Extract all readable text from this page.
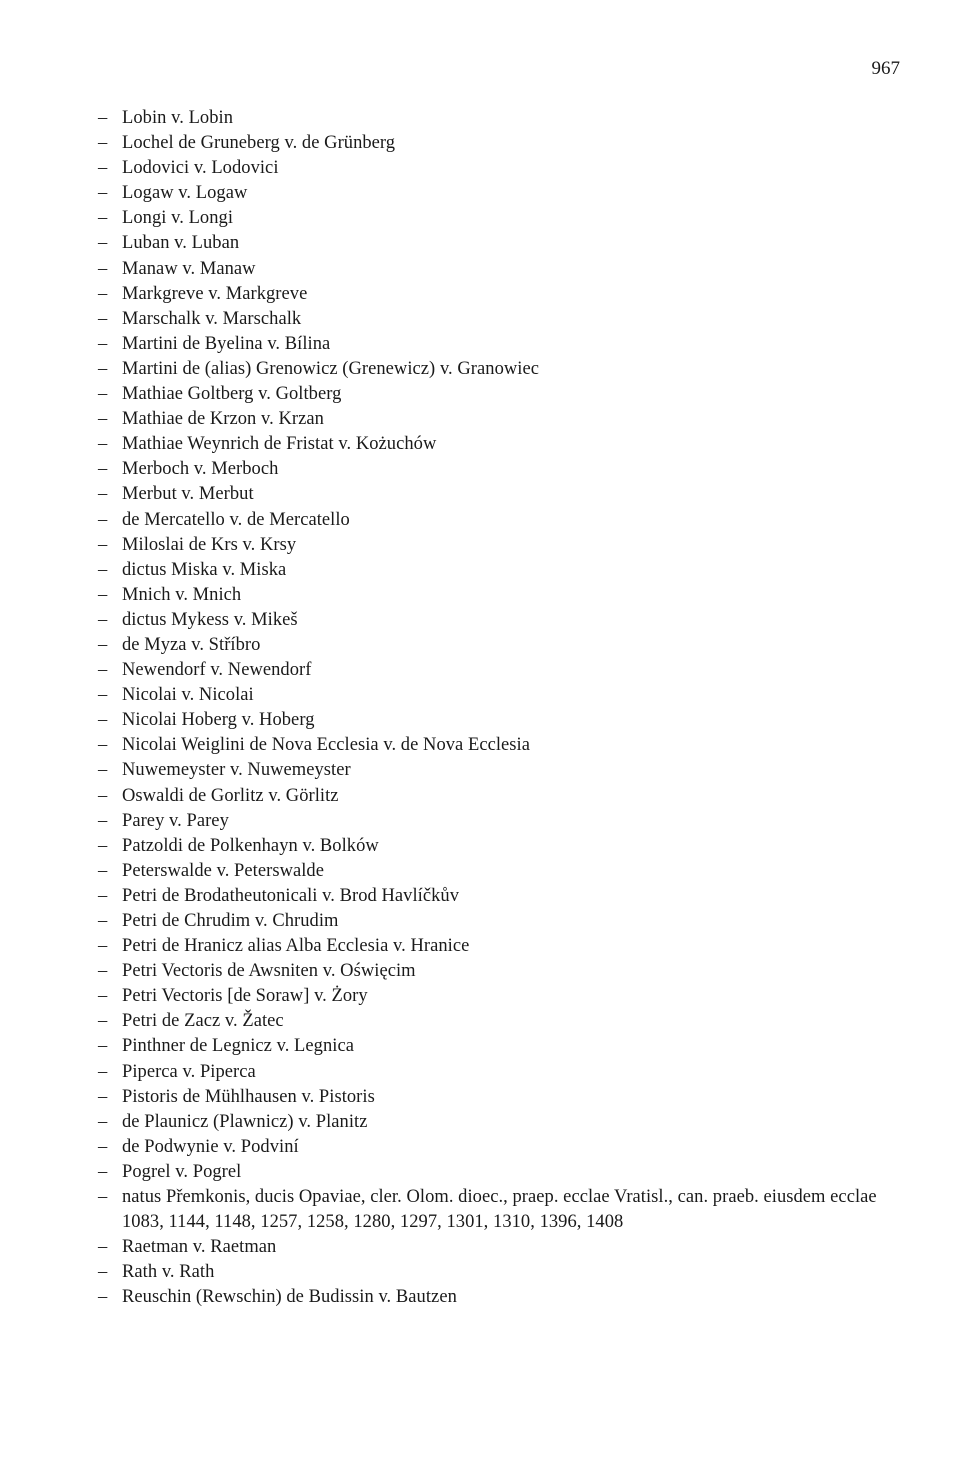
967
– Lobin v. Lobin
– Lochel de Gruneberg v. de Grünberg
– Lodovici v. Lodovici
– Logaw v. Logaw
– Longi v. Longi
– Luban v. Luban
– Manaw v. Manaw
– Markgreve v. Markgreve
– Marschalk v. Marschalk
– Martini de Byelina v. Bílina
– Martini de (alias) Grenowicz (Grenewicz) v. Granowiec
– Mathiae Goltberg v. Goltberg
– Mathiae de Krzon v. Krzan
– Mathiae Weynrich de Fristat v. Kożuchów
– Merboch v. Merboch
– Merbut v. Merbut
– de Mercatello v. de Mercatello
– Miloslai de Krs v. Krsy
– dictus Miska v. Miska
– Mnich v. Mnich
– dictus Mykess v. Mikeš
– de Myza v. Stříbro
– Newendorf v. Newendorf
– Nicolai v. Nicolai
– Nicolai Hoberg v. Hoberg
– Nicolai Weiglini de Nova Ecclesia v. de Nova Ecclesia
– Nuwemeyster v. Nuwemeyster
– Oswaldi de Gorlitz v. Görlitz
– Parey v. Parey
– Patzoldi de Polkenhayn v. Bolków
– Peterswalde v. Peterswalde
– Petri de Brodatheutonicali v. Brod Havlíčkův
– Petri de Chrudim v. Chrudim
– Petri de Hranicz alias Alba Ecclesia v. Hranice
– Petri Vectoris de Awsniten v. Oświęcim
– Petri Vectoris [de Soraw] v. Żory
– Petri de Zacz v. Žatec
– Pinthner de Legnicz v. Legnica
– Piperca v. Piperca
– Pistoris de Mühlhausen v. Pistoris
– de Plaunicz (Plawnicz) v. Planitz
– de Podwynie v. Podviní
– Pogrel v. Pogrel
– natus Přemkonis, ducis Opaviae, cler. Olom. dioec., praep. ecclae Vratisl., can. praeb. eiusdem ecclae 1083, 1144, 1148, 1257, 1258, 1280, 1297, 1301, 1310, 1396, 1408
– Raetman v. Raetman
– Rath v. Rath
– Reuschin (Rewschin) de Budissin v. Bautzen
